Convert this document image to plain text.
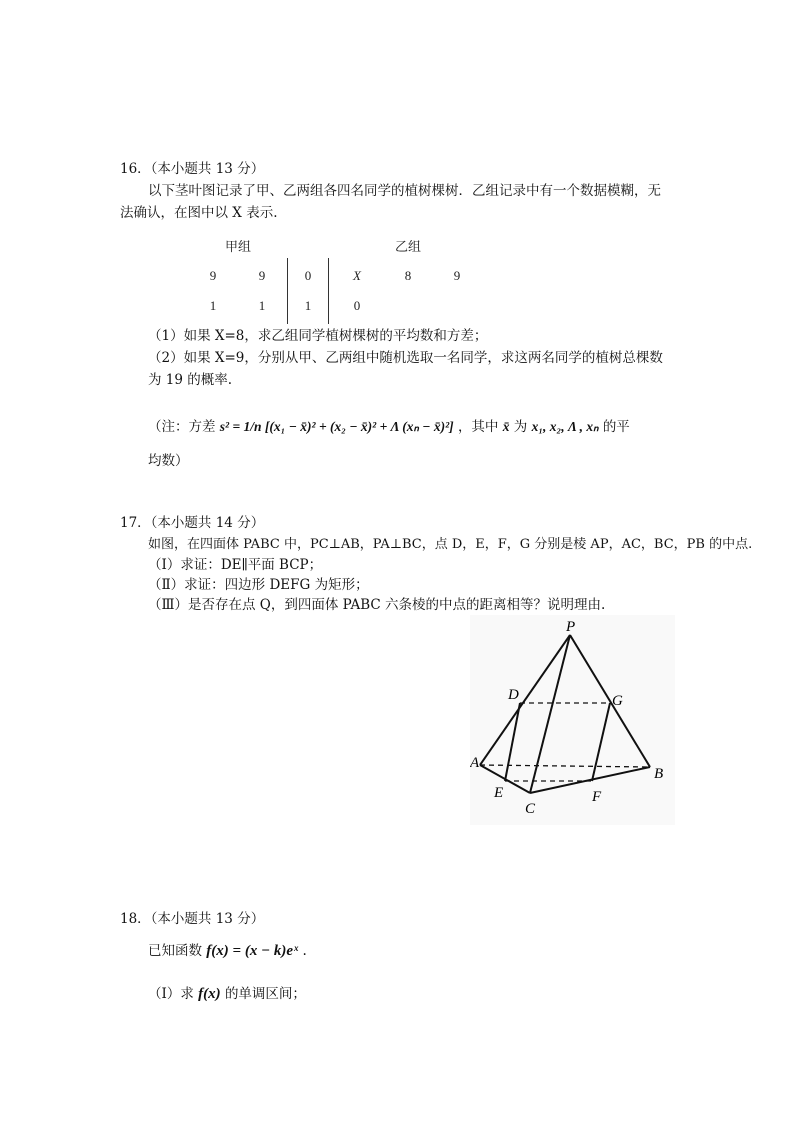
16．（本小题共 13 分）
以下茎叶图记录了甲、乙两组各四名同学的植树棵树．乙组记录中有一个数据模糊，无
法确认，在图中以 X 表示.
甲组	乙组
9	9	0	X	8	9
1	1	1	0
（1）如果 X=8，求乙组同学植树棵树的平均数和方差；
（2）如果 X=9，分别从甲、乙两组中随机选取一名同学，求这两名同学的植树总棵数
为 19 的概率.
（注：方差 s² = 1/n [(x₁ − x̄)² + (x₂ − x̄)² + Λ (xₙ − x̄)²] ，其中 x̄ 为 x₁, x₂, Λ , xₙ 的平
均数）
17．（本小题共 14 分）
如图，在四面体 PABC 中，PC⊥AB，PA⊥BC，点 D，E，F，G 分别是棱 AP，AC，BC，PB 的中点.
（Ⅰ）求证：DE∥平面 BCP；
（Ⅱ）求证：四边形 DEFG 为矩形；
（Ⅲ）是否存在点 Q，到四面体 PABC 六条棱的中点的距离相等？说明理由.
P
D	G
A
B
E
C
F
18．（本小题共 13 分）
已知函数 f(x) = (x − k)eˣ .
（Ⅰ）求 f(x) 的单调区间；
